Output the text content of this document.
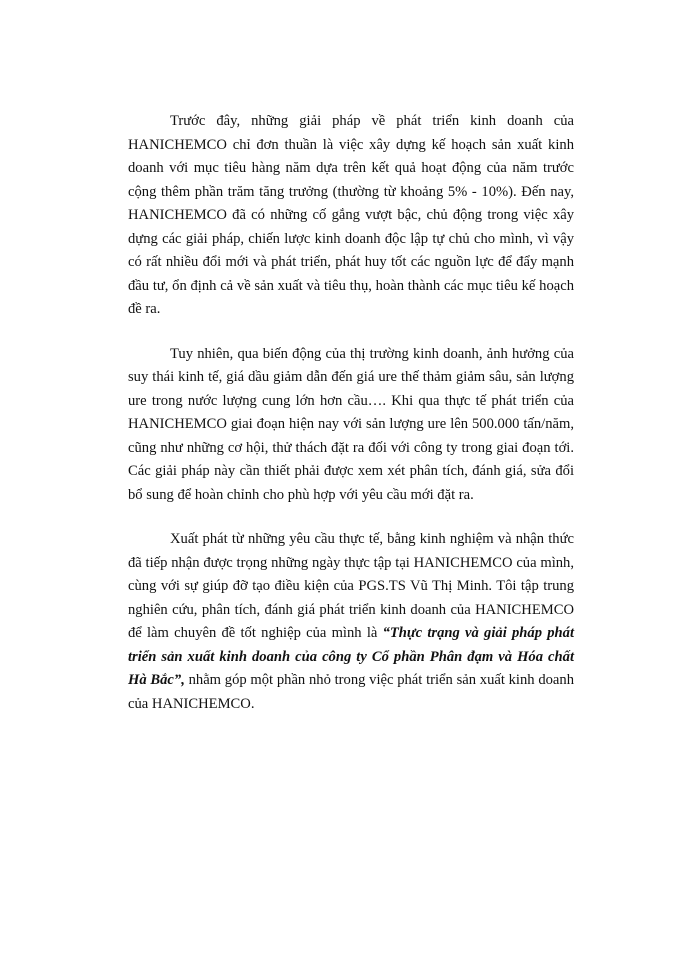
Trước đây, những giải pháp về phát triển kinh doanh của HANICHEMCO chỉ đơn thuần là việc xây dựng kế hoạch sản xuất kinh doanh với mục tiêu hàng năm dựa trên kết quả hoạt động của năm trước cộng thêm phần trăm tăng trưởng (thường từ khoảng 5% - 10%). Đến nay, HANICHEMCO đã có những cố gắng vượt bậc, chủ động trong việc xây dựng các giải pháp, chiến lược kinh doanh độc lập tự chủ cho mình, vì vậy có rất nhiều đổi mới và phát triển, phát huy tốt các nguồn lực để đẩy mạnh đầu tư, ổn định cả về sản xuất và tiêu thụ, hoàn thành các mục tiêu kế hoạch đề ra.

Tuy nhiên, qua biến động của thị trường kinh doanh, ảnh hưởng của suy thái kinh tế, giá dầu giảm dẫn đến giá ure thế thảm giảm sâu, sản lượng ure trong nước lượng cung lớn hơn cầu…. Khi qua thực tế phát triển của HANICHEMCO giai đoạn hiện nay với sản lượng ure lên 500.000 tấn/năm, cũng như những cơ hội, thử thách đặt ra đối với công ty trong giai đoạn tới. Các giải pháp này cần thiết phải được xem xét phân tích, đánh giá, sửa đổi bổ sung để hoàn chỉnh cho phù hợp với yêu cầu mới đặt ra.

Xuất phát từ những yêu cầu thực tế, bằng kinh nghiệm và nhận thức đã tiếp nhận được trọng những ngày thực tập tại HANICHEMCO của mình, cùng với sự giúp đỡ tạo điều kiện của PGS.TS Vũ Thị Minh. Tôi tập trung nghiên cứu, phân tích, đánh giá phát triển kinh doanh của HANICHEMCO để làm chuyên đề tốt nghiệp của mình là “Thực trạng và giải pháp phát triển sản xuất kinh doanh của công ty Cổ phần Phân đạm và Hóa chất Hà Bắc”, nhằm góp một phần nhỏ trong việc phát triển sản xuất kinh doanh của HANICHEMCO.
